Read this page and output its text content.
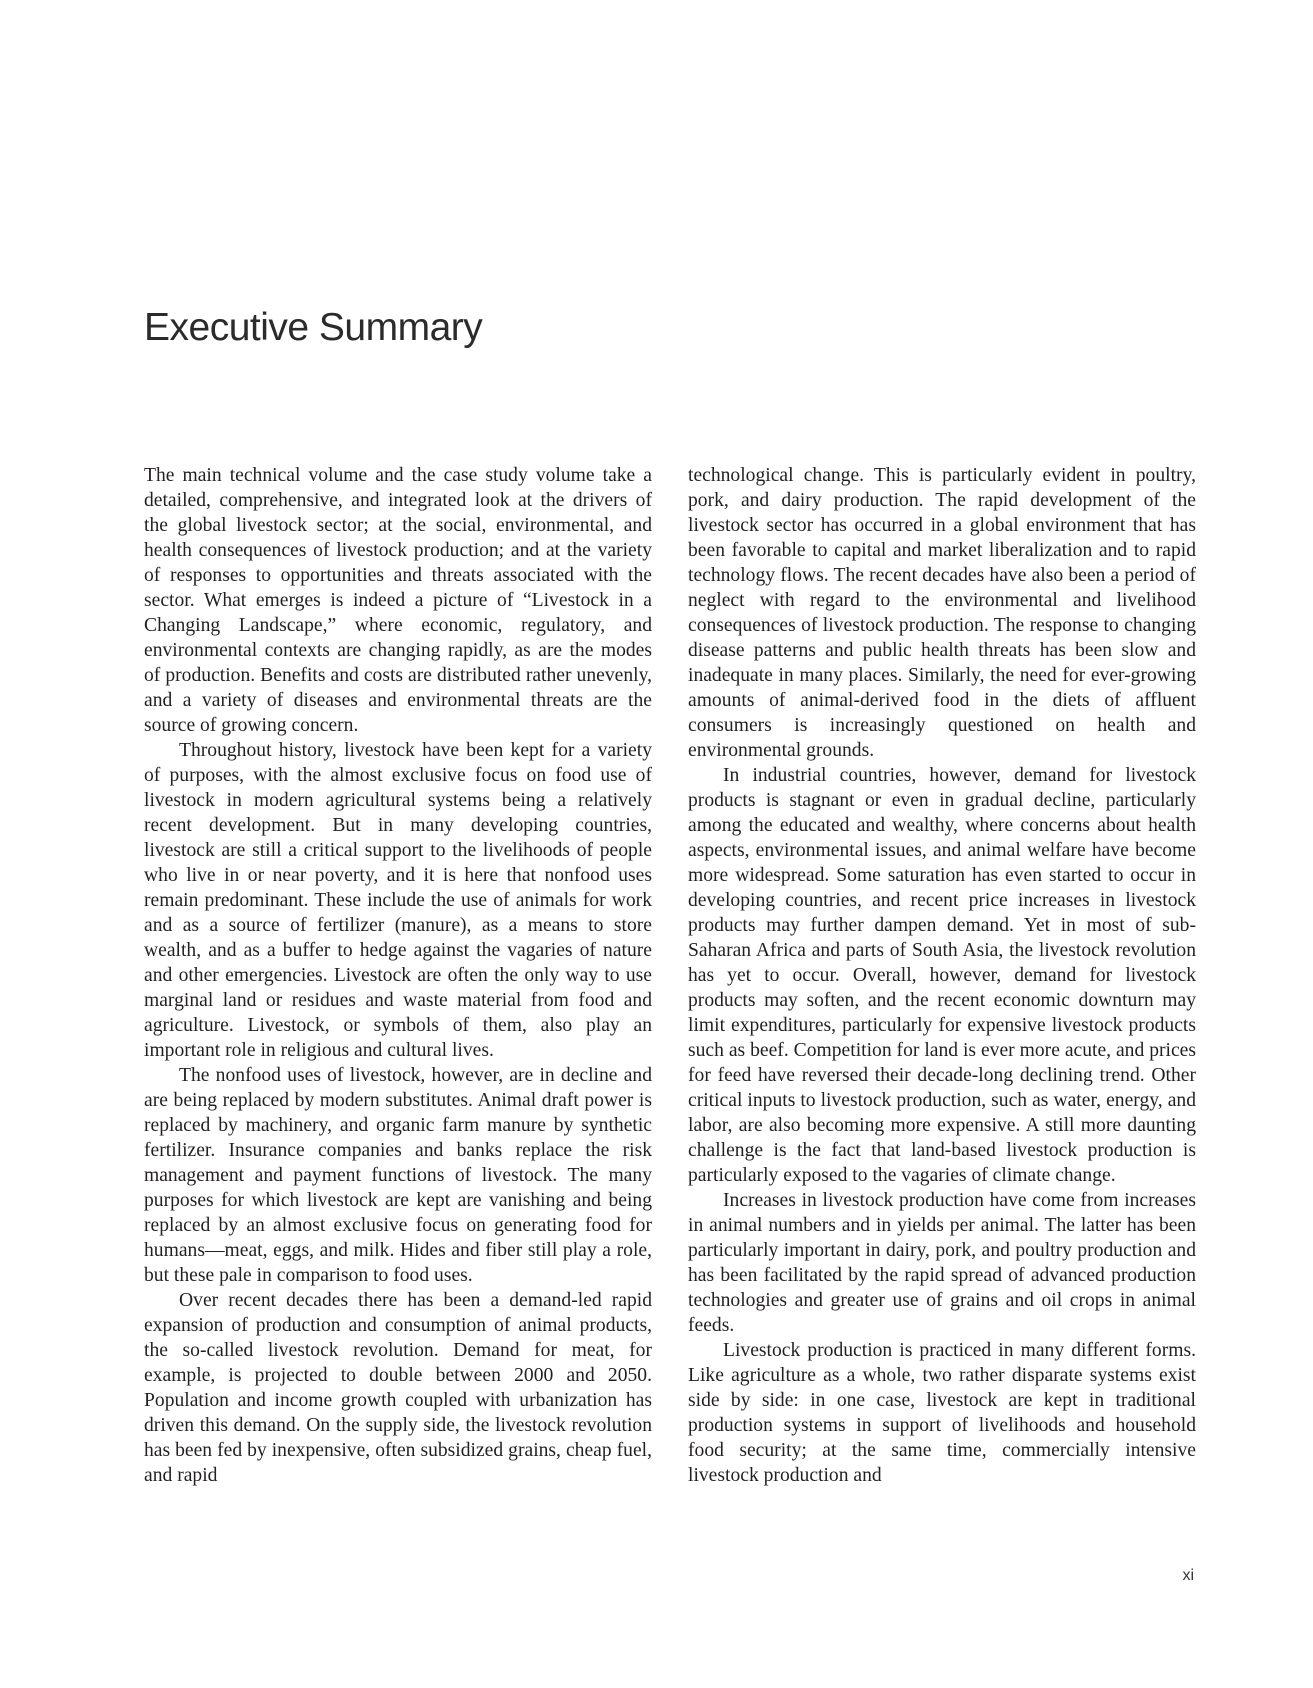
Executive Summary

The main technical volume and the case study volume take a detailed, comprehensive, and integrated look at the drivers of the global livestock sector; at the social, environmental, and health consequences of livestock production; and at the variety of responses to opportunities and threats associated with the sector. What emerges is indeed a picture of “Livestock in a Changing Landscape,” where economic, regulatory, and environmental contexts are changing rapidly, as are the modes of production. Benefits and costs are distributed rather unevenly, and a variety of diseases and environmental threats are the source of growing concern.

Throughout history, livestock have been kept for a variety of purposes, with the almost exclusive focus on food use of livestock in modern agricultural systems being a relatively recent development. But in many developing countries, livestock are still a critical support to the livelihoods of people who live in or near poverty, and it is here that nonfood uses remain predominant. These include the use of animals for work and as a source of fertilizer (manure), as a means to store wealth, and as a buffer to hedge against the vagaries of nature and other emergencies. Livestock are often the only way to use marginal land or residues and waste material from food and agriculture. Livestock, or symbols of them, also play an important role in religious and cultural lives.

The nonfood uses of livestock, however, are in decline and are being replaced by modern substitutes. Animal draft power is replaced by machinery, and organic farm manure by synthetic fertilizer. Insurance companies and banks replace the risk management and payment functions of livestock. The many purposes for which livestock are kept are vanishing and being replaced by an almost exclusive focus on generating food for humans—meat, eggs, and milk. Hides and fiber still play a role, but these pale in comparison to food uses.

Over recent decades there has been a demand-led rapid expansion of production and consumption of animal products, the so-called livestock revolution. Demand for meat, for example, is projected to double between 2000 and 2050. Population and income growth coupled with urbanization has driven this demand. On the supply side, the livestock revolution has been fed by inexpensive, often subsidized grains, cheap fuel, and rapid

technological change. This is particularly evident in poultry, pork, and dairy production. The rapid development of the livestock sector has occurred in a global environment that has been favorable to capital and market liberalization and to rapid technology flows. The recent decades have also been a period of neglect with regard to the environmental and livelihood consequences of livestock production. The response to changing disease patterns and public health threats has been slow and inadequate in many places. Similarly, the need for ever-growing amounts of animal-derived food in the diets of affluent consumers is increasingly questioned on health and environmental grounds.

In industrial countries, however, demand for livestock products is stagnant or even in gradual decline, particularly among the educated and wealthy, where concerns about health aspects, environmental issues, and animal welfare have become more widespread. Some saturation has even started to occur in developing countries, and recent price increases in livestock products may further dampen demand. Yet in most of sub-Saharan Africa and parts of South Asia, the livestock revolution has yet to occur. Overall, however, demand for livestock products may soften, and the recent economic downturn may limit expenditures, particularly for expensive livestock products such as beef. Competition for land is ever more acute, and prices for feed have reversed their decade-long declining trend. Other critical inputs to livestock production, such as water, energy, and labor, are also becoming more expensive. A still more daunting challenge is the fact that land-based livestock production is particularly exposed to the vagaries of climate change.

Increases in livestock production have come from increases in animal numbers and in yields per animal. The latter has been particularly important in dairy, pork, and poultry production and has been facilitated by the rapid spread of advanced production technologies and greater use of grains and oil crops in animal feeds.

Livestock production is practiced in many different forms. Like agriculture as a whole, two rather disparate systems exist side by side: in one case, livestock are kept in traditional production systems in support of livelihoods and household food security; at the same time, commercially intensive livestock production and

xi
